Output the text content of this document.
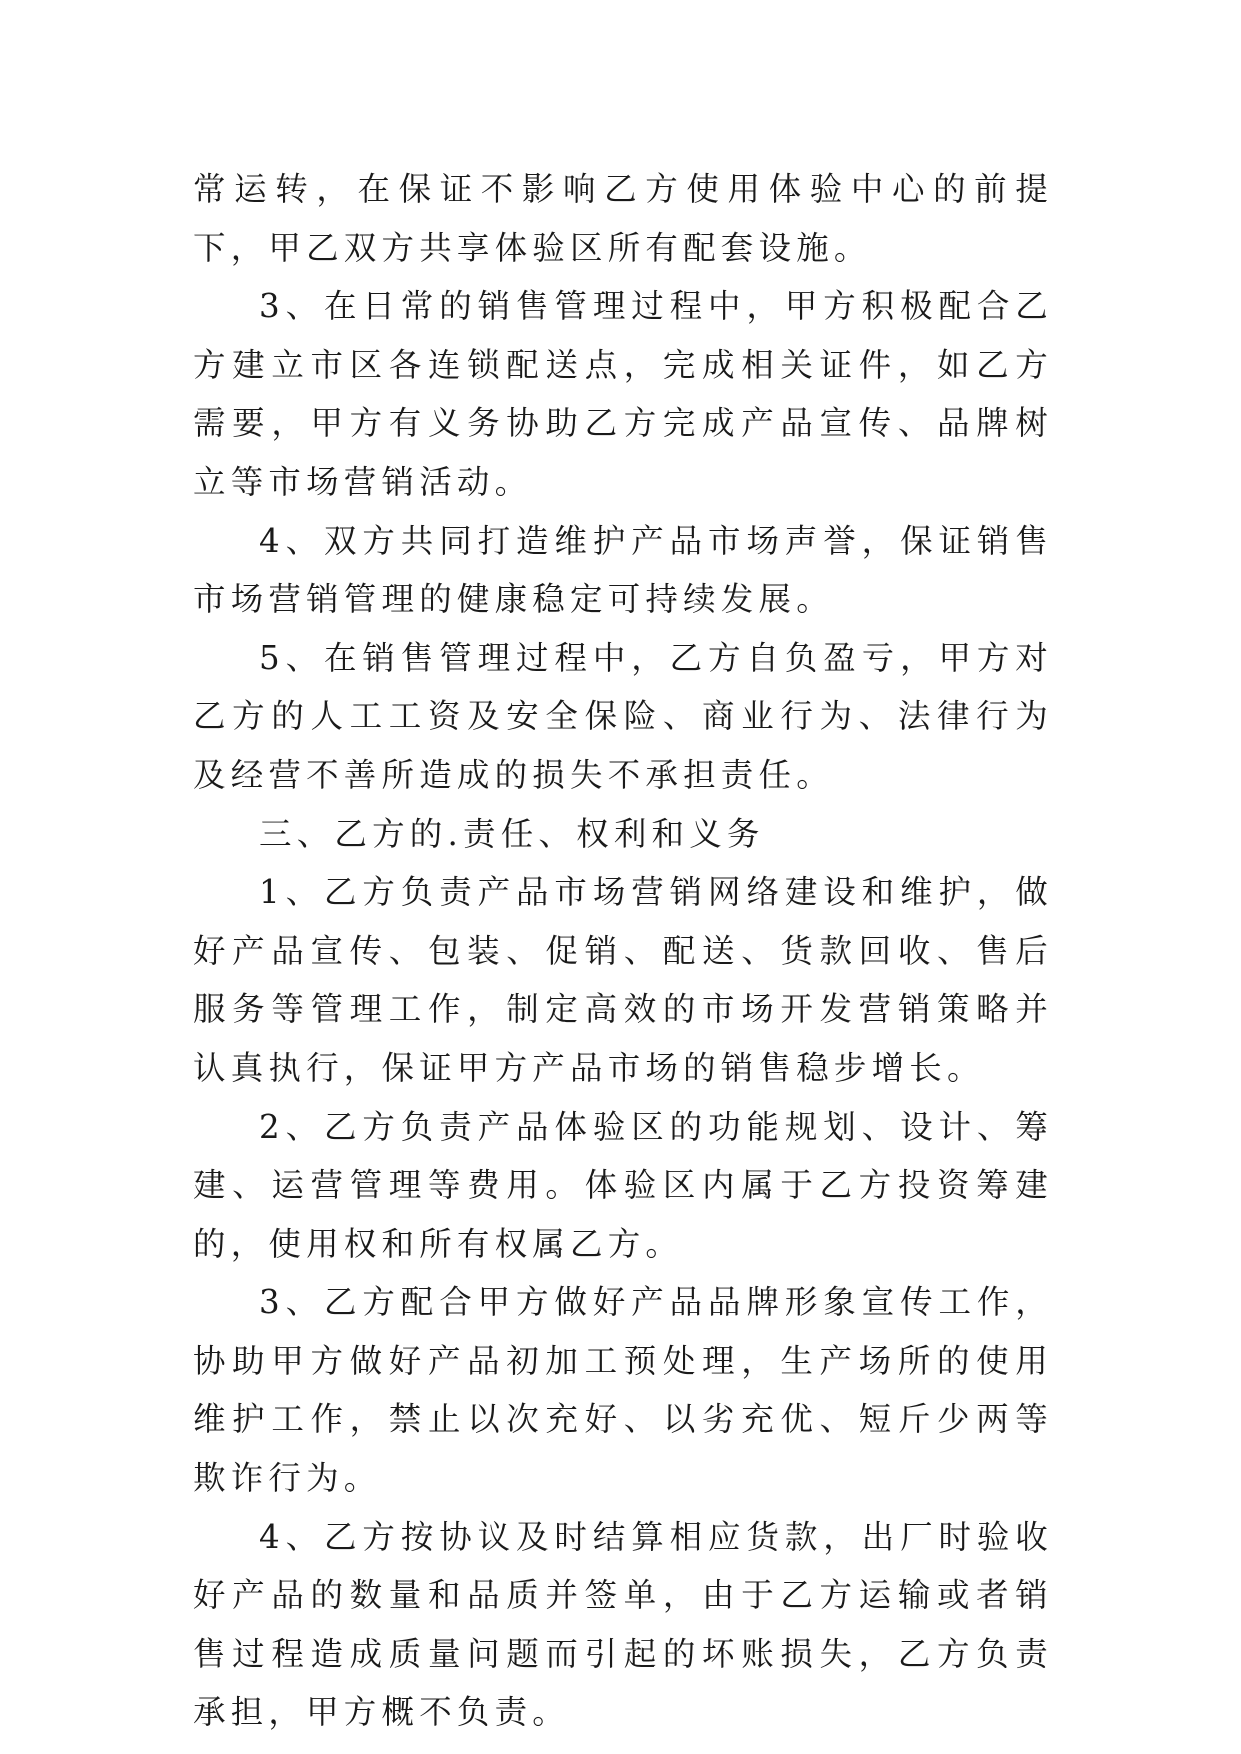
常运转，在保证不影响乙方使用体验中心的前提下，甲乙双方共享体验区所有配套设施。

3、在日常的销售管理过程中，甲方积极配合乙方建立市区各连锁配送点，完成相关证件，如乙方需要，甲方有义务协助乙方完成产品宣传、品牌树立等市场营销活动。

4、双方共同打造维护产品市场声誉，保证销售市场营销管理的健康稳定可持续发展。

5、在销售管理过程中，乙方自负盈亏，甲方对乙方的人工工资及安全保险、商业行为、法律行为及经营不善所造成的损失不承担责任。

三、乙方的.责任、权利和义务

1、乙方负责产品市场营销网络建设和维护，做好产品宣传、包装、促销、配送、货款回收、售后服务等管理工作，制定高效的市场开发营销策略并认真执行，保证甲方产品市场的销售稳步增长。

2、乙方负责产品体验区的功能规划、设计、筹建、运营管理等费用。体验区内属于乙方投资筹建的，使用权和所有权属乙方。

3、乙方配合甲方做好产品品牌形象宣传工作，协助甲方做好产品初加工预处理，生产场所的使用维护工作，禁止以次充好、以劣充优、短斤少两等欺诈行为。

4、乙方按协议及时结算相应货款，出厂时验收好产品的数量和品质并签单，由于乙方运输或者销售过程造成质量问题而引起的坏账损失，乙方负责承担，甲方概不负责。
